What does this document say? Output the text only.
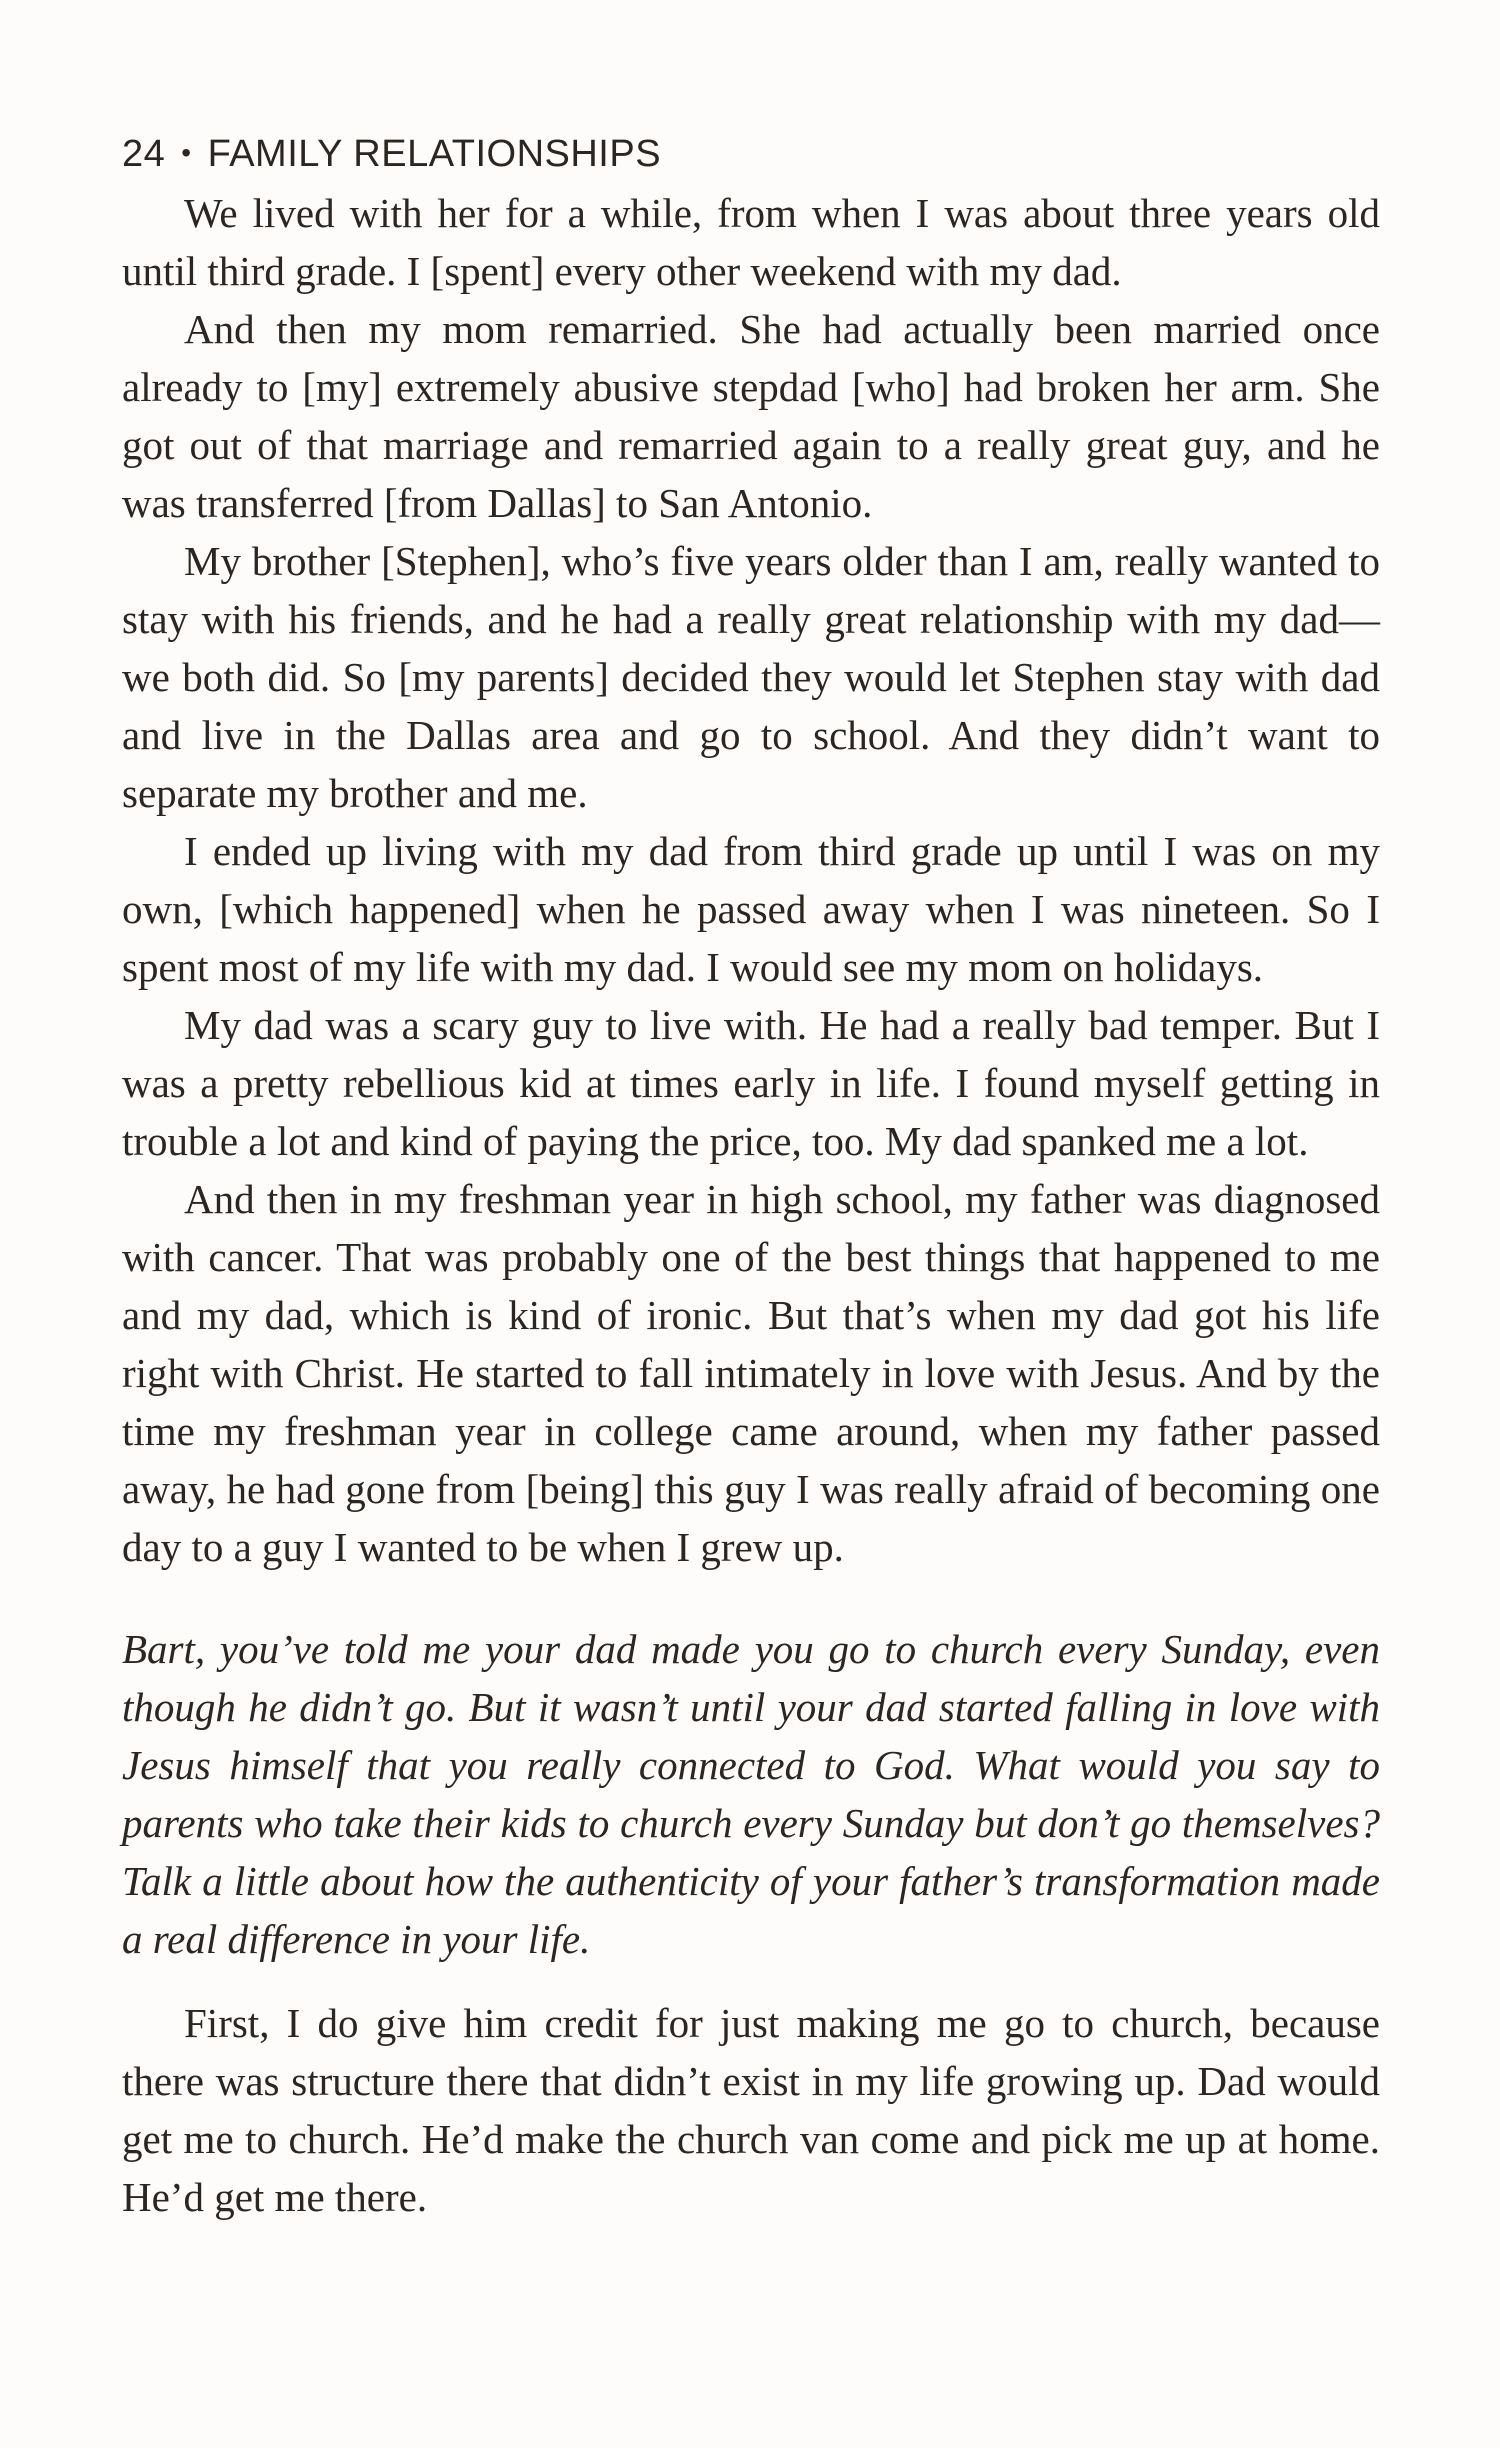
24 • FAMILY RELATIONSHIPS

We lived with her for a while, from when I was about three years old until third grade. I [spent] every other weekend with my dad.

And then my mom remarried. She had actually been married once already to [my] extremely abusive stepdad [who] had broken her arm. She got out of that marriage and remarried again to a really great guy, and he was transferred [from Dallas] to San Antonio.

My brother [Stephen], who’s five years older than I am, really wanted to stay with his friends, and he had a really great relationship with my dad—we both did. So [my parents] decided they would let Stephen stay with dad and live in the Dallas area and go to school. And they didn’t want to separate my brother and me.

I ended up living with my dad from third grade up until I was on my own, [which happened] when he passed away when I was nineteen. So I spent most of my life with my dad. I would see my mom on holidays.

My dad was a scary guy to live with. He had a really bad temper. But I was a pretty rebellious kid at times early in life. I found myself getting in trouble a lot and kind of paying the price, too. My dad spanked me a lot.

And then in my freshman year in high school, my father was diagnosed with cancer. That was probably one of the best things that happened to me and my dad, which is kind of ironic. But that’s when my dad got his life right with Christ. He started to fall intimately in love with Jesus. And by the time my freshman year in college came around, when my father passed away, he had gone from [being] this guy I was really afraid of becoming one day to a guy I wanted to be when I grew up.

Bart, you’ve told me your dad made you go to church every Sunday, even though he didn’t go. But it wasn’t until your dad started falling in love with Jesus himself that you really connected to God. What would you say to parents who take their kids to church every Sunday but don’t go themselves? Talk a little about how the authenticity of your father’s transformation made a real difference in your life.

First, I do give him credit for just making me go to church, because there was structure there that didn’t exist in my life growing up. Dad would get me to church. He’d make the church van come and pick me up at home. He’d get me there.
